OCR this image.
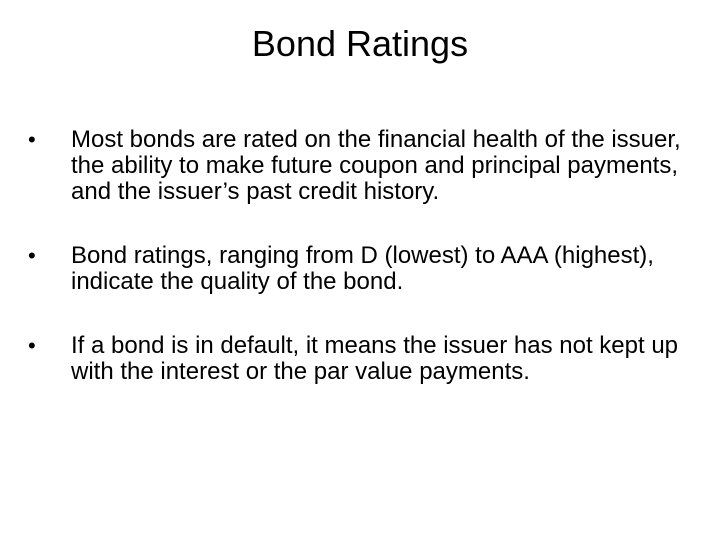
Bond Ratings
•	Most bonds are rated on the financial health of the issuer, the ability to make future coupon and principal payments, and the issuer’s past credit history.
•	Bond ratings, ranging from D (lowest) to AAA (highest), indicate the quality of the bond.
•	If a bond is in default, it means the issuer has not kept up with the interest or the par value payments.
